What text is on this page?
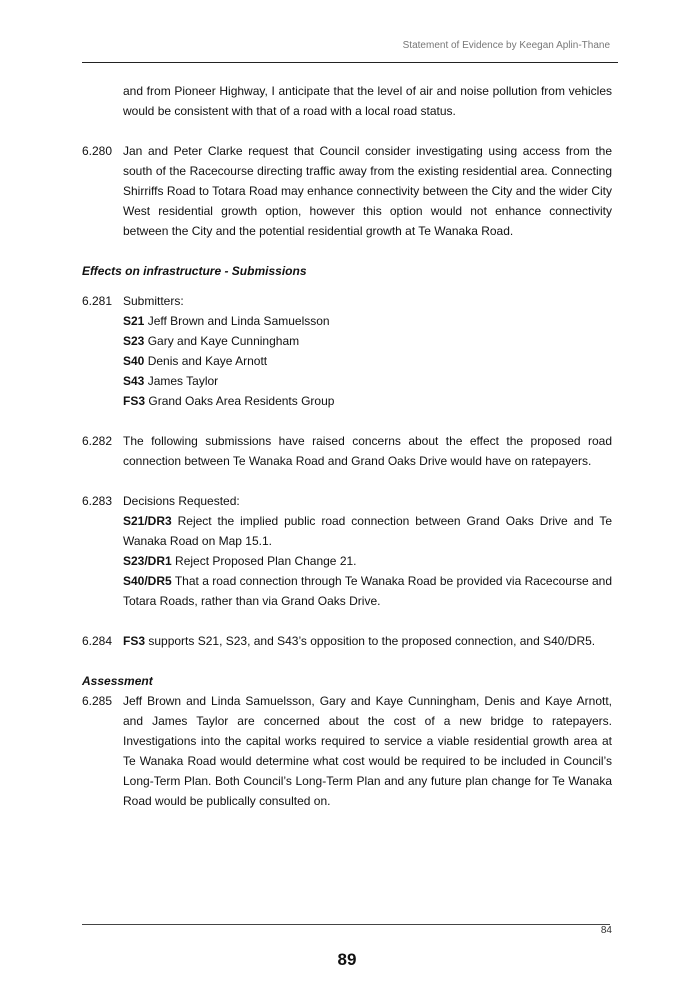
Statement of Evidence by Keegan Aplin-Thane
and from Pioneer Highway, I anticipate that the level of air and noise pollution from vehicles would be consistent with that of a road with a local road status.
6.280 Jan and Peter Clarke request that Council consider investigating using access from the south of the Racecourse directing traffic away from the existing residential area. Connecting Shirriffs Road to Totara Road may enhance connectivity between the City and the wider City West residential growth option, however this option would not enhance connectivity between the City and the potential residential growth at Te Wanaka Road.
Effects on infrastructure - Submissions
6.281 Submitters:
S21 Jeff Brown and Linda Samuelsson
S23 Gary and Kaye Cunningham
S40 Denis and Kaye Arnott
S43 James Taylor
FS3 Grand Oaks Area Residents Group
6.282 The following submissions have raised concerns about the effect the proposed road connection between Te Wanaka Road and Grand Oaks Drive would have on ratepayers.
6.283 Decisions Requested:
S21/DR3 Reject the implied public road connection between Grand Oaks Drive and Te Wanaka Road on Map 15.1.
S23/DR1 Reject Proposed Plan Change 21.
S40/DR5 That a road connection through Te Wanaka Road be provided via Racecourse and Totara Roads, rather than via Grand Oaks Drive.
6.284 FS3 supports S21, S23, and S43’s opposition to the proposed connection, and S40/DR5.
Assessment
6.285 Jeff Brown and Linda Samuelsson, Gary and Kaye Cunningham, Denis and Kaye Arnott, and James Taylor are concerned about the cost of a new bridge to ratepayers. Investigations into the capital works required to service a viable residential growth area at Te Wanaka Road would determine what cost would be required to be included in Council’s Long-Term Plan. Both Council’s Long-Term Plan and any future plan change for Te Wanaka Road would be publically consulted on.
84
89
